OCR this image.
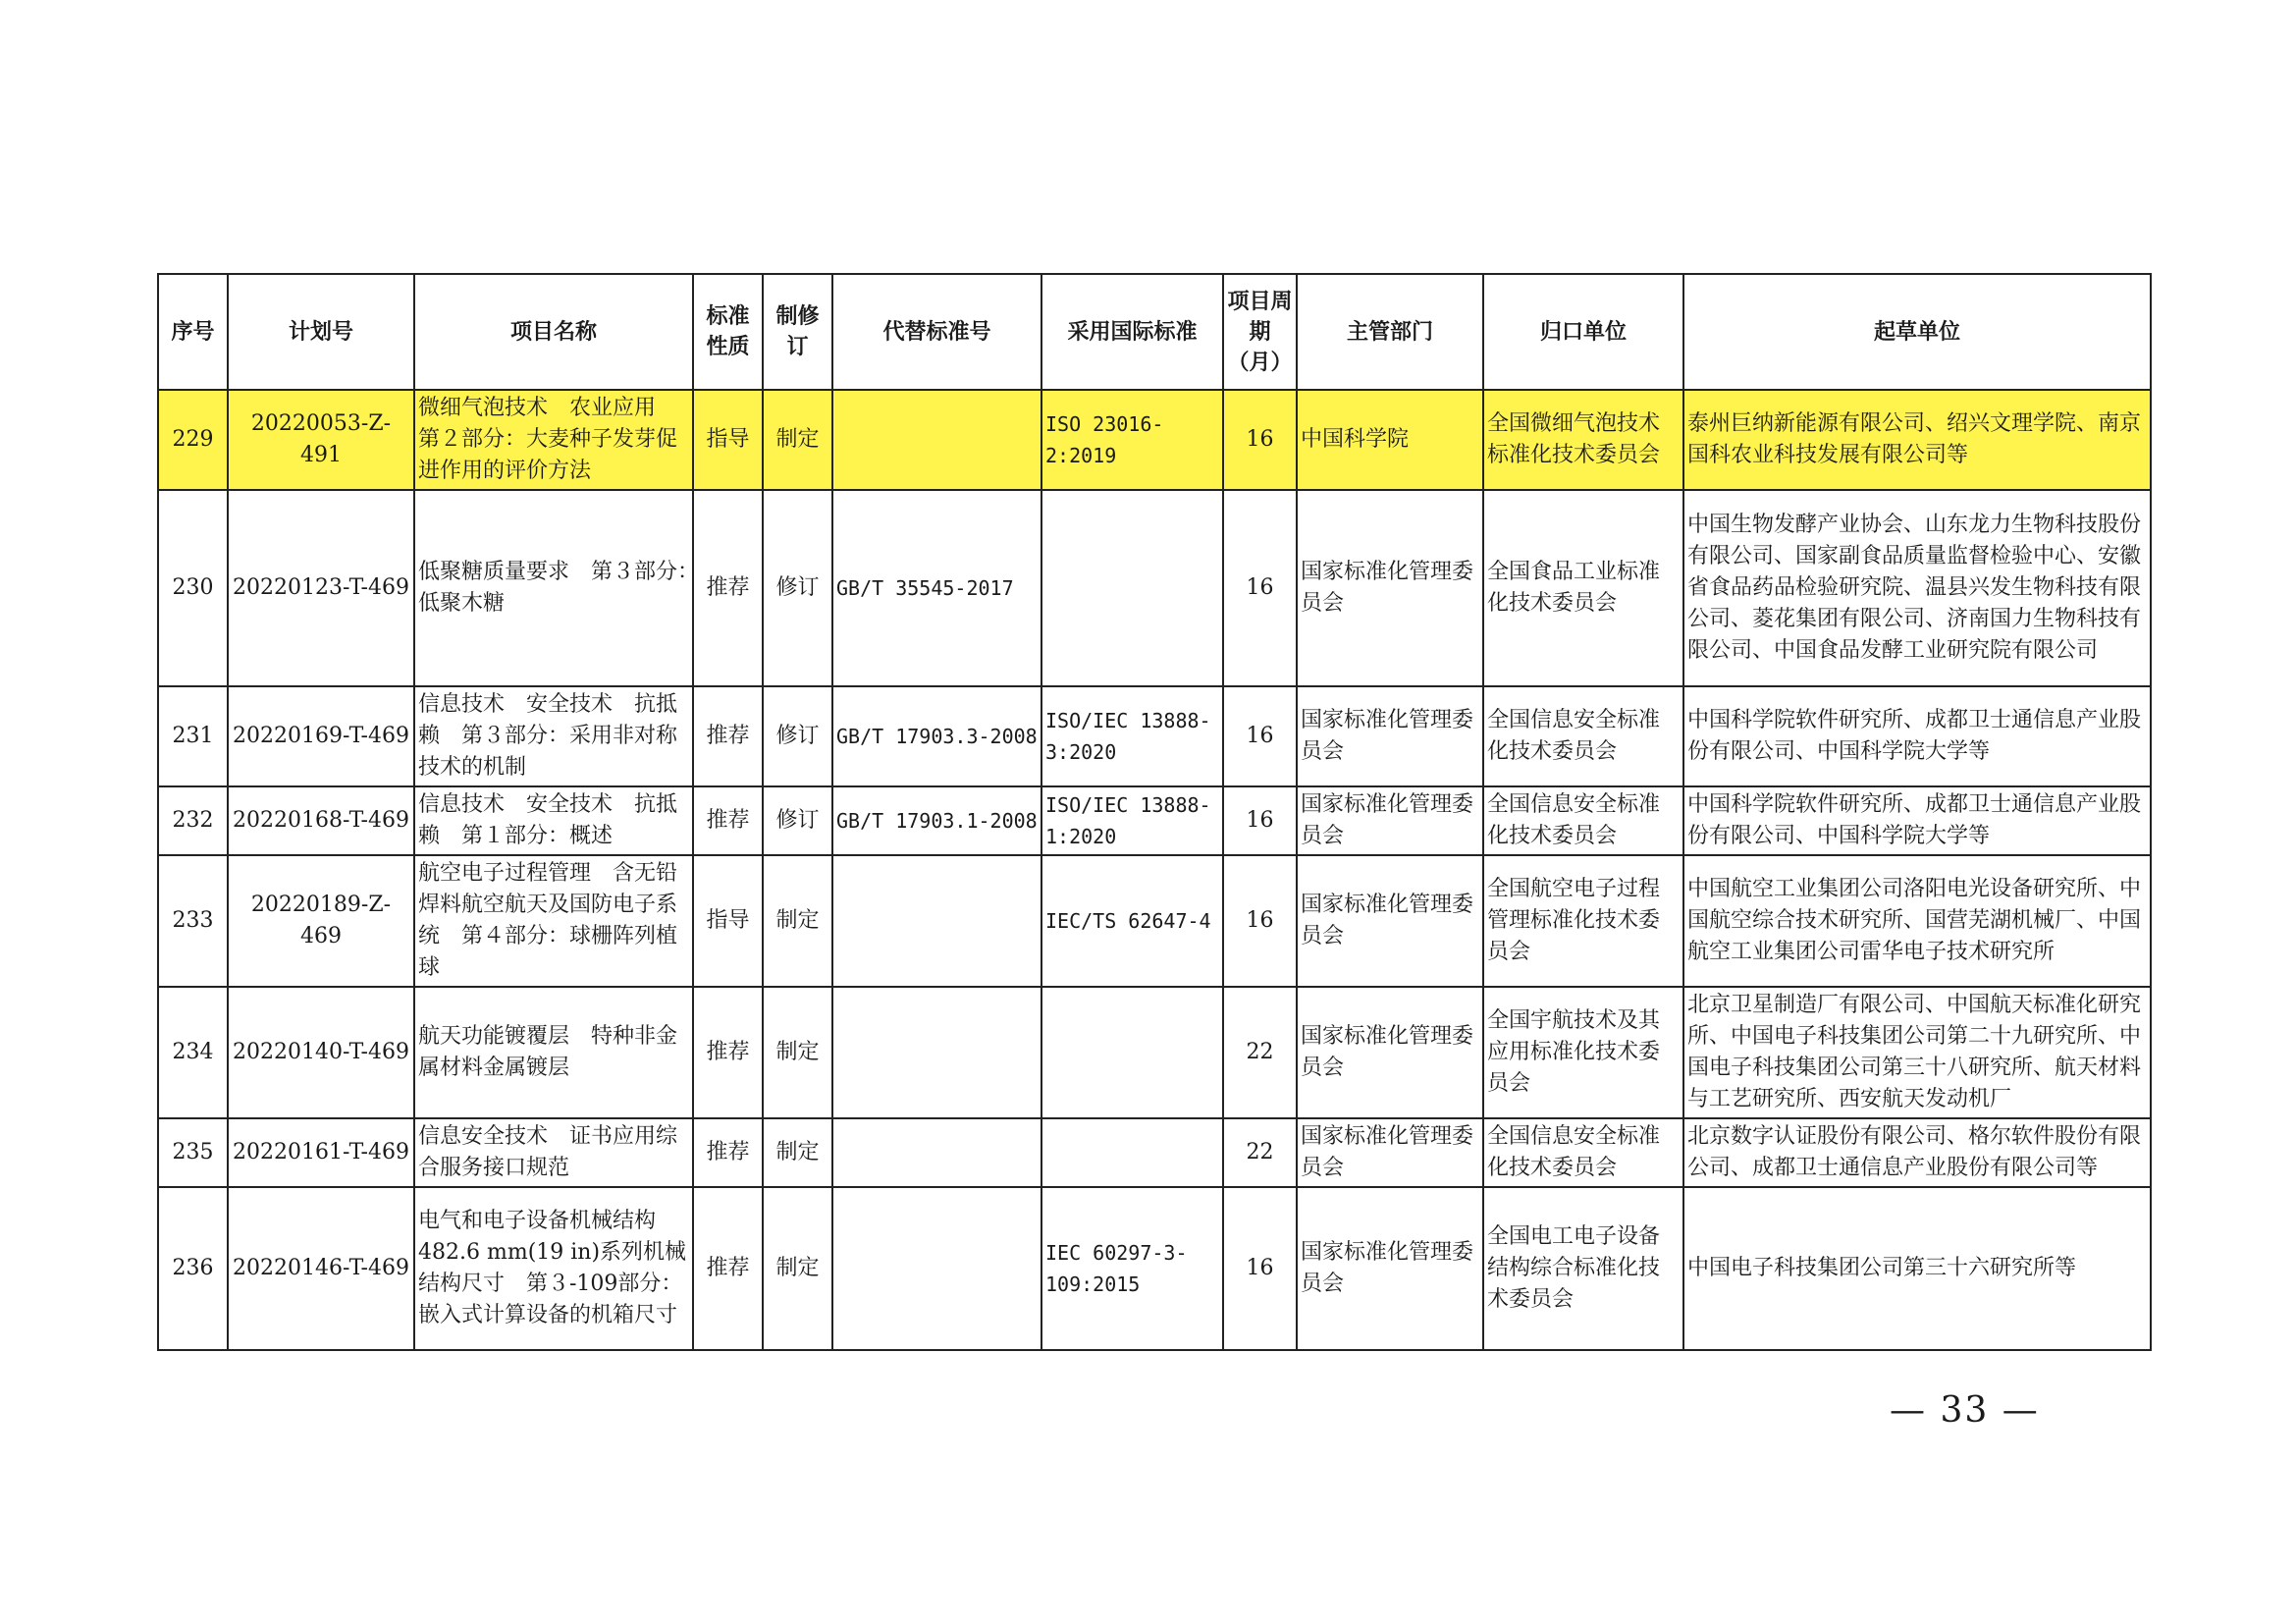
序号	计划号	项目名称	标准性质	制修订	代替标准号	采用国际标准	项目周期（月）	主管部门	归口单位	起草单位
229	20220053-Z-491	微细气泡技术　农业应用　第２部分：大麦种子发芽促进作用的评价方法	指导	制定		ISO 23016-2:2019	16	中国科学院	全国微细气泡技术标准化技术委员会	泰州巨纳新能源有限公司、绍兴文理学院、南京国科农业科技发展有限公司等
230	20220123-T-469	低聚糖质量要求　第３部分：　低聚木糖	推荐	修订	GB/T 35545-2017		16	国家标准化管理委员会	全国食品工业标准化技术委员会	中国生物发酵产业协会、山东龙力生物科技股份有限公司、国家副食品质量监督检验中心、安徽省食品药品检验研究院、温县兴发生物科技有限公司、菱花集团有限公司、济南国力生物科技有限公司、中国食品发酵工业研究院有限公司
231	20220169-T-469	信息技术　安全技术　抗抵赖　第３部分：采用非对称技术的机制	推荐	修订	GB/T 17903.3-2008	ISO/IEC 13888-3:2020	16	国家标准化管理委员会	全国信息安全标准化技术委员会	中国科学院软件研究所、成都卫士通信息产业股份有限公司、中国科学院大学等
232	20220168-T-469	信息技术　安全技术　抗抵赖　第１部分：概述	推荐	修订	GB/T 17903.1-2008	ISO/IEC 13888-1:2020	16	国家标准化管理委员会	全国信息安全标准化技术委员会	中国科学院软件研究所、成都卫士通信息产业股份有限公司、中国科学院大学等
233	20220189-Z-469	航空电子过程管理　含无铅焊料航空航天及国防电子系统　第４部分：球栅阵列植球	指导	制定		IEC/TS 62647-4	16	国家标准化管理委员会	全国航空电子过程管理标准化技术委员会	中国航空工业集团公司洛阳电光设备研究所、中国航空综合技术研究所、国营芜湖机械厂、中国航空工业集团公司雷华电子技术研究所
234	20220140-T-469	航天功能镀覆层　特种非金属材料金属镀层	推荐	制定			22	国家标准化管理委员会	全国宇航技术及其应用标准化技术委员会	北京卫星制造厂有限公司、中国航天标准化研究所、中国电子科技集团公司第二十九研究所、中国电子科技集团公司第三十八研究所、航天材料与工艺研究所、西安航天发动机厂
235	20220161-T-469	信息安全技术　证书应用综合服务接口规范	推荐	制定			22	国家标准化管理委员会	全国信息安全标准化技术委员会	北京数字认证股份有限公司、格尔软件股份有限公司、成都卫士通信息产业股份有限公司等
236	20220146-T-469	电气和电子设备机械结构　482.6 mm(19 in)系列机械结构尺寸　第３-109部分：嵌入式计算设备的机箱尺寸	推荐	制定		IEC 60297-3-109:2015	16	国家标准化管理委员会	全国电工电子设备结构综合标准化技术委员会	中国电子科技集团公司第三十六研究所等
— 33 —
